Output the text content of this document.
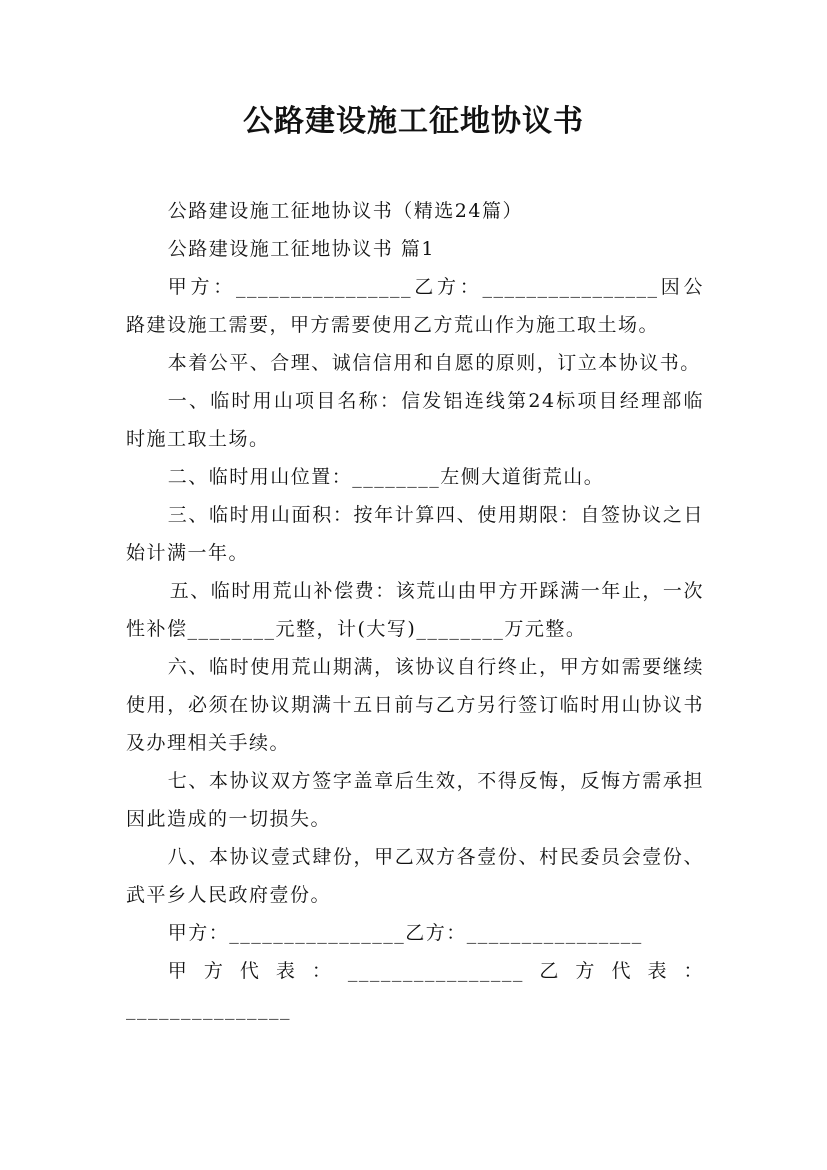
公路建设施工征地协议书

公路建设施工征地协议书（精选24篇）

公路建设施工征地协议书 篇1

甲方：________________乙方：________________因公路建设施工需要，甲方需要使用乙方荒山作为施工取土场。

本着公平、合理、诚信信用和自愿的原则，订立本协议书。

一、临时用山项目名称：信发铝连线第24标项目经理部临时施工取土场。

二、临时用山位置：________左侧大道街荒山。

三、临时用山面积：按年计算四、使用期限：自签协议之日始计满一年。

五、临时用荒山补偿费：该荒山由甲方开踩满一年止，一次性补偿________元整，计(大写)________万元整。

六、临时使用荒山期满，该协议自行终止，甲方如需要继续使用，必须在协议期满十五日前与乙方另行签订临时用山协议书及办理相关手续。

七、本协议双方签字盖章后生效，不得反悔，反悔方需承担因此造成的一切损失。

八、本协议壹式肆份，甲乙双方各壹份、村民委员会壹份、武平乡人民政府壹份。

甲方：________________乙方：________________

甲方代表：________________乙方代表：_______________
